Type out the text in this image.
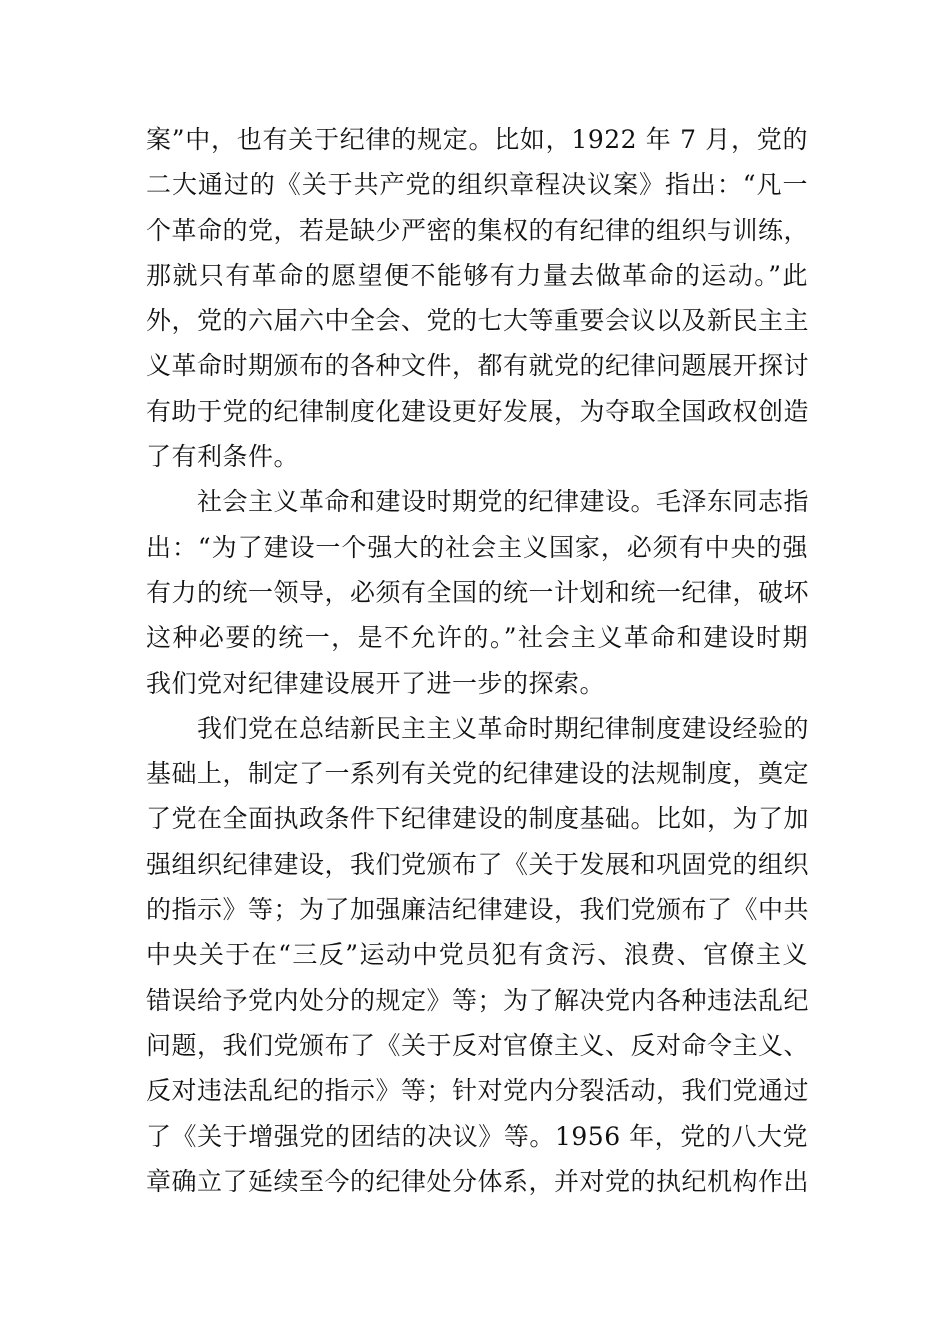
案”中，也有关于纪律的规定。比如，1922 年 7 月，党的
二大通过的《关于共产党的组织章程决议案》指出：“凡一
个革命的党，若是缺少严密的集权的有纪律的组织与训练，
那就只有革命的愿望便不能够有力量去做革命的运动。”此
外，党的六届六中全会、党的七大等重要会议以及新民主主
义革命时期颁布的各种文件，都有就党的纪律问题展开探讨
有助于党的纪律制度化建设更好发展，为夺取全国政权创造
了有利条件。
　　社会主义革命和建设时期党的纪律建设。毛泽东同志指
出：“为了建设一个强大的社会主义国家，必须有中央的强
有力的统一领导，必须有全国的统一计划和统一纪律，破坏
这种必要的统一，是不允许的。”社会主义革命和建设时期
我们党对纪律建设展开了进一步的探索。
　　我们党在总结新民主主义革命时期纪律制度建设经验的
基础上，制定了一系列有关党的纪律建设的法规制度，奠定
了党在全面执政条件下纪律建设的制度基础。比如，为了加
强组织纪律建设，我们党颁布了《关于发展和巩固党的组织
的指示》等；为了加强廉洁纪律建设，我们党颁布了《中共
中央关于在“三反”运动中党员犯有贪污、浪费、官僚主义
错误给予党内处分的规定》等；为了解决党内各种违法乱纪
问题，我们党颁布了《关于反对官僚主义、反对命令主义、
反对违法乱纪的指示》等；针对党内分裂活动，我们党通过
了《关于增强党的团结的决议》等。1956 年，党的八大党
章确立了延续至今的纪律处分体系，并对党的执纪机构作出
